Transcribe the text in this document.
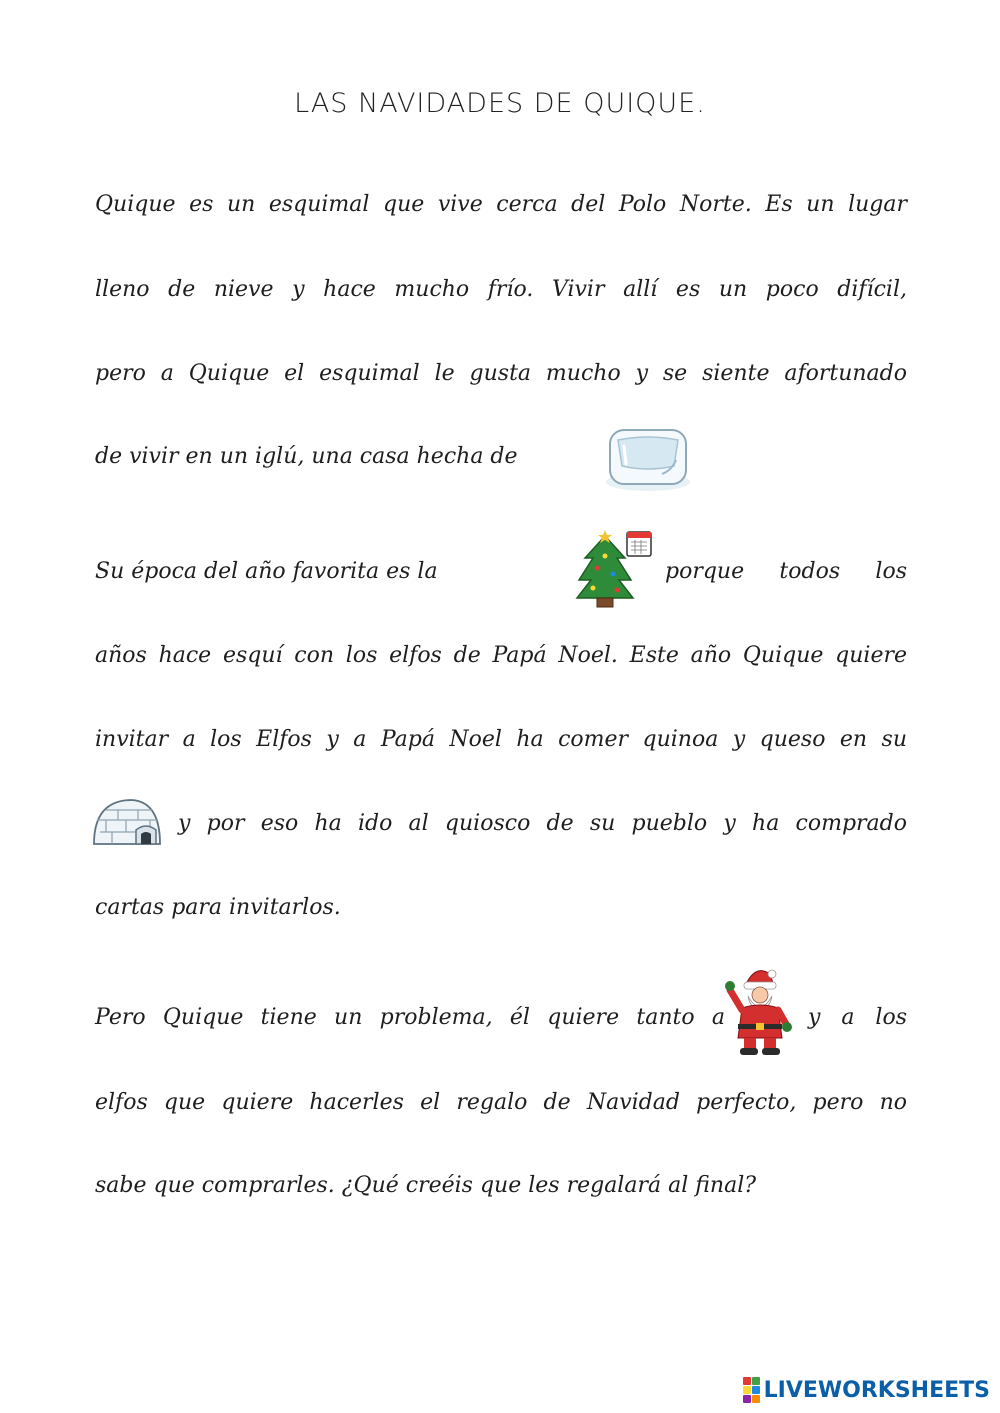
LAS NAVIDADES DE QUIQUE.
Quique es un esquimal que vive cerca del Polo Norte. Es un lugar
lleno de nieve y hace mucho frío. Vivir allí es un poco difícil,
pero a Quique el esquimal le gusta mucho y se siente afortunado
de vivir en un iglú, una casa hecha de
Su época del año favorita es la	porque todos los
años hace esquí con los elfos de Papá Noel. Este año Quique quiere
invitar a los Elfos y a Papá Noel ha comer quinoa y queso en su
y por eso ha ido al quiosco de su pueblo y ha comprado
cartas para invitarlos.
Pero Quique tiene un problema, él quiere tanto a	y a los
elfos que quiere hacerles el regalo de Navidad perfecto, pero no
sabe que comprarles. ¿Qué creéis que les regalará al final?
LIVEWORKSHEETS
